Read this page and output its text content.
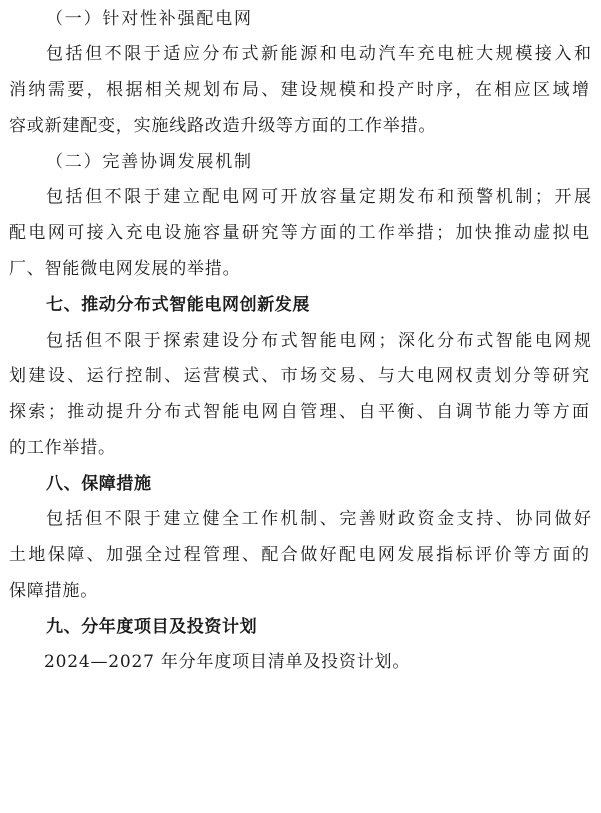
（一）针对性补强配电网
包括但不限于适应分布式新能源和电动汽车充电桩大规模接入和
消纳需要，根据相关规划布局、建设规模和投产时序，在相应区域增
容或新建配变，实施线路改造升级等方面的工作举措。
（二）完善协调发展机制
包括但不限于建立配电网可开放容量定期发布和预警机制；开展
配电网可接入充电设施容量研究等方面的工作举措；加快推动虚拟电
厂、智能微电网发展的举措。
七、推动分布式智能电网创新发展
包括但不限于探索建设分布式智能电网；深化分布式智能电网规
划建设、运行控制、运营模式、市场交易、与大电网权责划分等研究
探索；推动提升分布式智能电网自管理、自平衡、自调节能力等方面
的工作举措。
八、保障措施
包括但不限于建立健全工作机制、完善财政资金支持、协同做好
土地保障、加强全过程管理、配合做好配电网发展指标评价等方面的
保障措施。
九、分年度项目及投资计划
2024—2027 年分年度项目清单及投资计划。
